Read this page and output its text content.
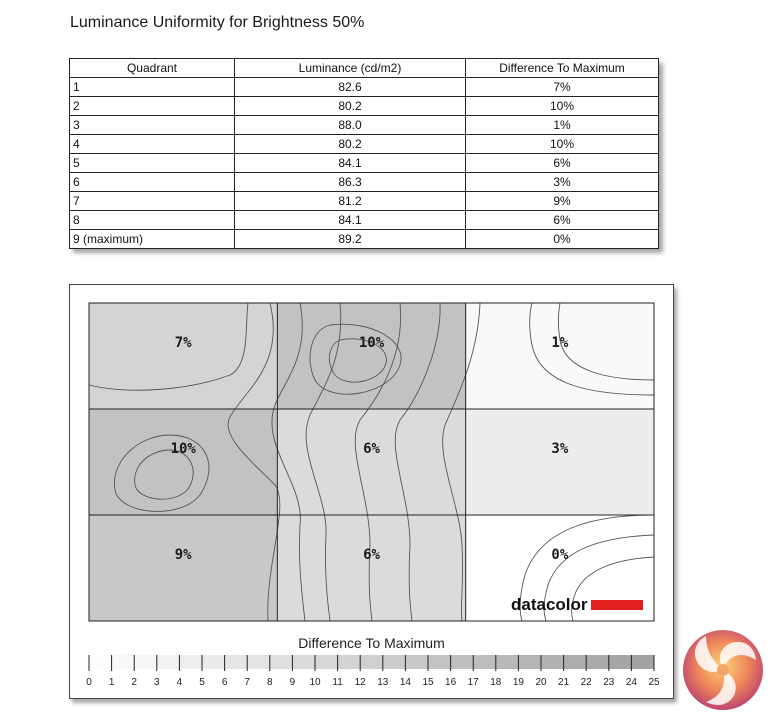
Luminance Uniformity for Brightness 50%
Quadrant	Luminance (cd/m2)	Difference To Maximum
1	82.6	7%
2	80.2	10%
3	88.0	1%
4	80.2	10%
5	84.1	6%
6	86.3	3%
7	81.2	9%
8	84.1	6%
9 (maximum)	89.2	0%
7%	10%	1%
10%	6%	3%
9%	6%	0%
datacolor
0 1 2 3 4 5 6 7 8 9 10 11 12 13 14 15 16 17 18 19 20 21 22 23 24 25
Difference To Maximum
